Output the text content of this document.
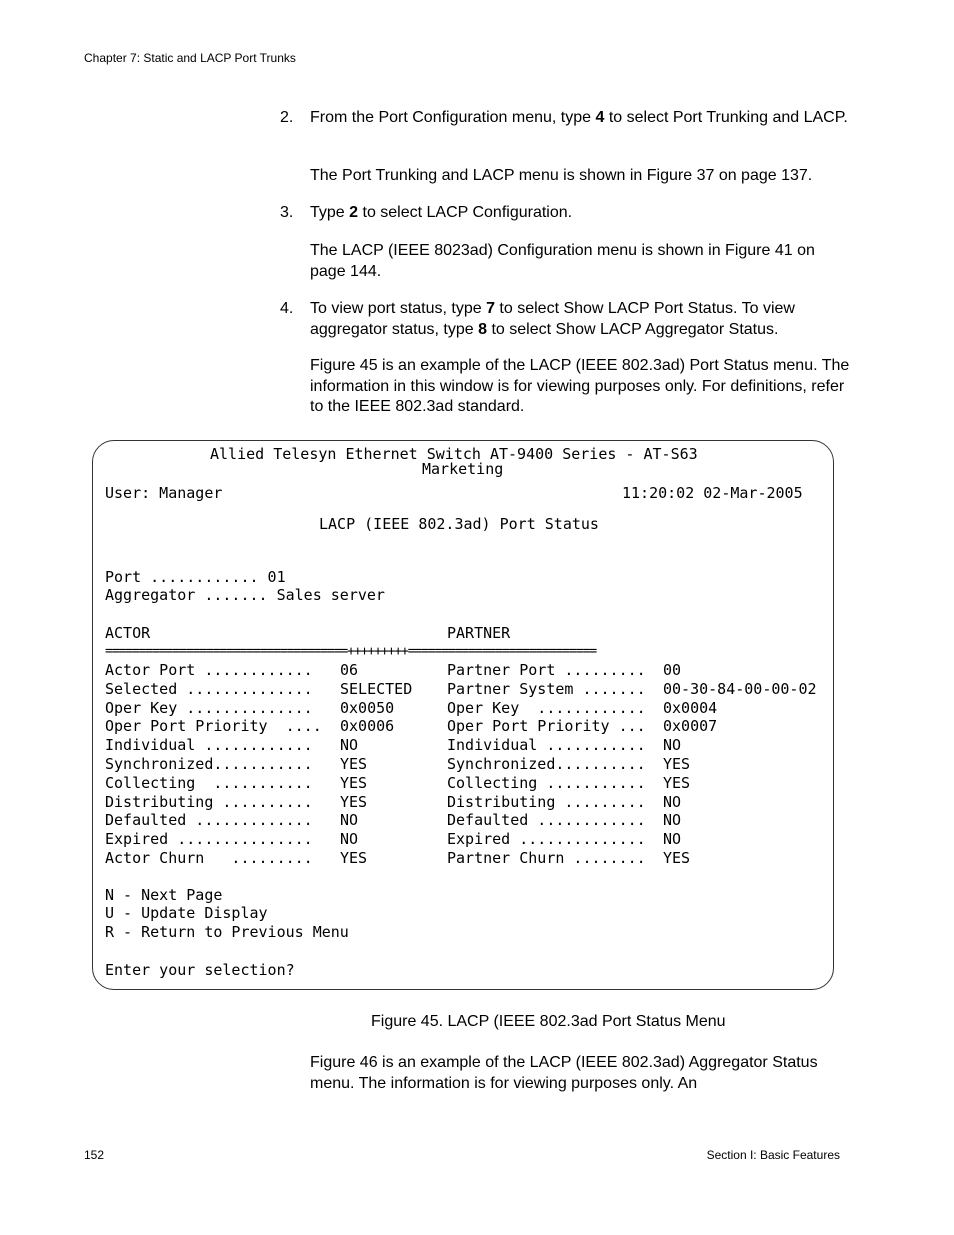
Chapter 7: Static and LACP Port Trunks
2.	From the Port Configuration menu, type 4 to select Port Trunking and LACP.
The Port Trunking and LACP menu is shown in Figure 37 on page 137.
3.	Type 2 to select LACP Configuration.
The LACP (IEEE 8023ad) Configuration menu is shown in Figure 41 on page 144.
4.	To view port status, type 7 to select Show LACP Port Status. To view aggregator status, type 8 to select Show LACP Aggregator Status.
Figure 45 is an example of the LACP (IEEE 802.3ad) Port Status menu. The information in this window is for viewing purposes only. For definitions, refer to the IEEE 802.3ad standard.
Allied Telesyn Ethernet Switch AT-9400 Series - AT-S63
Marketing
User: Manager	11:20:02 02-Mar-2005
LACP (IEEE 802.3ad) Port Status
Port ............ 01
Aggregator ....... Sales server
ACTOR	PARTNER
====================================+++++++++============================
Actor Port ............ 06	Partner Port ......... 00
Selected .............. SELECTED Partner System ....... 00-30-84-00-00-02
Oper Key .............. 0x0050	Oper Key  ............ 0x0004
Oper Port Priority  .... 0x0006	Oper Port Priority ... 0x0007
Individual ............ NO	Individual ........... NO
Synchronized........... YES	Synchronized.......... YES
Collecting  ........... YES	Collecting ........... YES
Distributing .......... YES	Distributing ......... NO
Defaulted ............. NO	Defaulted ............ NO
Expired ............... NO	Expired .............. NO
Actor Churn   ......... YES	Partner Churn ........ YES
N - Next Page
U - Update Display
R - Return to Previous Menu
Enter your selection?
Figure 45. LACP (IEEE 802.3ad Port Status Menu
Figure 46 is an example of the LACP (IEEE 802.3ad) Aggregator Status menu. The information is for viewing purposes only. An
152	Section I: Basic Features
